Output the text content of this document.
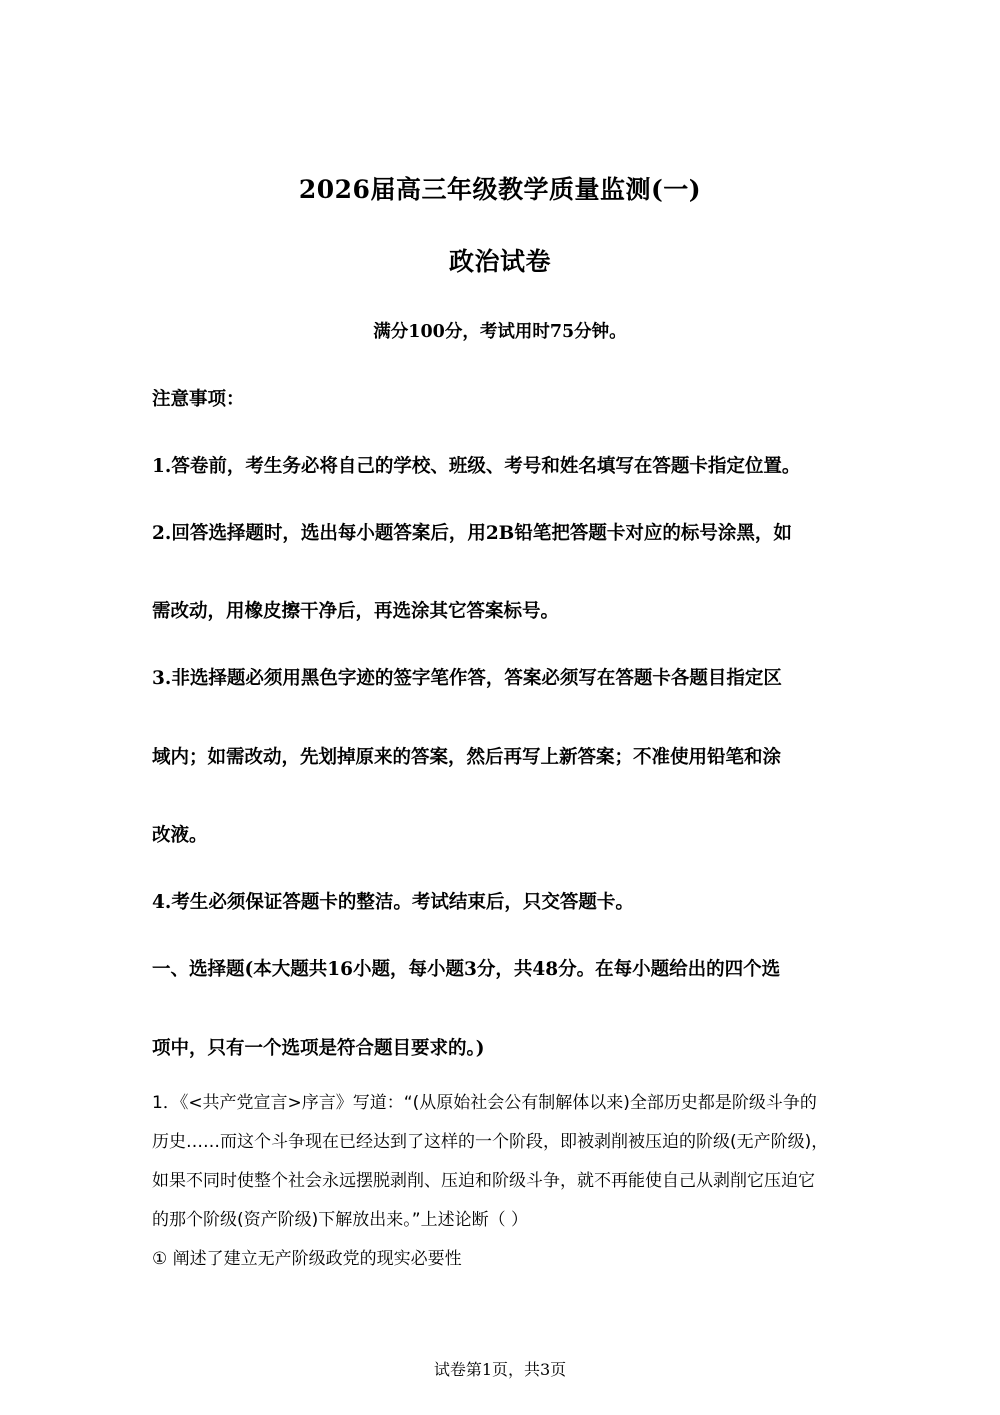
2026届高三年级教学质量监测(一)
政治试卷
满分100分，考试用时75分钟。
注意事项：
1.答卷前，考生务必将自己的学校、班级、考号和姓名填写在答题卡指定位置。
2.回答选择题时，选出每小题答案后，用2B铅笔把答题卡对应的标号涂黑，如
需改动，用橡皮擦干净后，再选涂其它答案标号。
3.非选择题必须用黑色字迹的签字笔作答，答案必须写在答题卡各题目指定区
域内；如需改动，先划掉原来的答案，然后再写上新答案；不准使用铅笔和涂
改液。
4.考生必须保证答题卡的整洁。考试结束后，只交答题卡。
一、选择题(本大题共16小题，每小题3分，共48分。在每小题给出的四个选
项中，只有一个选项是符合题目要求的。)
1．《<共产党宣言>序言》写道：“(从原始社会公有制解体以来)全部历史都是阶级斗争的
历史……而这个斗争现在已经达到了这样的一个阶段，即被剥削被压迫的阶级(无产阶级)，
如果不同时使整个社会永远摆脱剥削、压迫和阶级斗争，就不再能使自己从剥削它压迫它
的那个阶级(资产阶级)下解放出来。”上述论断（ ）
① 阐述了建立无产阶级政党的现实必要性
试卷第1页，共3页
